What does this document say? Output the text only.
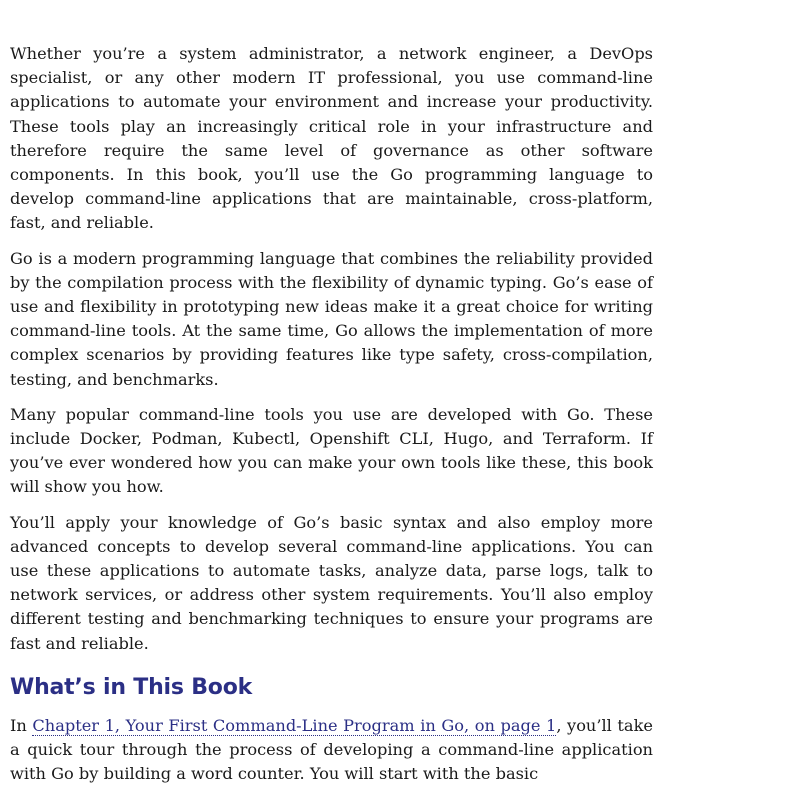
Whether you’re a system administrator, a network engineer, a DevOps specialist, or any other modern IT professional, you use command-line applications to automate your environment and increase your productivity. These tools play an increasingly critical role in your infrastructure and therefore require the same level of governance as other software components. In this book, you’ll use the Go programming language to develop command-line applications that are maintainable, cross-platform, fast, and reliable.

Go is a modern programming language that combines the reliability provided by the compilation process with the flexibility of dynamic typing. Go’s ease of use and flexibility in prototyping new ideas make it a great choice for writing command-line tools. At the same time, Go allows the implementation of more complex scenarios by providing features like type safety, cross-compilation, testing, and benchmarks.

Many popular command-line tools you use are developed with Go. These include Docker, Podman, Kubectl, Openshift CLI, Hugo, and Terraform. If you’ve ever wondered how you can make your own tools like these, this book will show you how.

You’ll apply your knowledge of Go’s basic syntax and also employ more advanced concepts to develop several command-line applications. You can use these applications to automate tasks, analyze data, parse logs, talk to network services, or address other system requirements. You’ll also employ different testing and benchmarking techniques to ensure your programs are fast and reliable.

What’s in This Book

In Chapter 1, Your First Command-Line Program in Go, on page 1, you’ll take a quick tour through the process of developing a command-line application with Go by building a word counter. You will start with the basic
